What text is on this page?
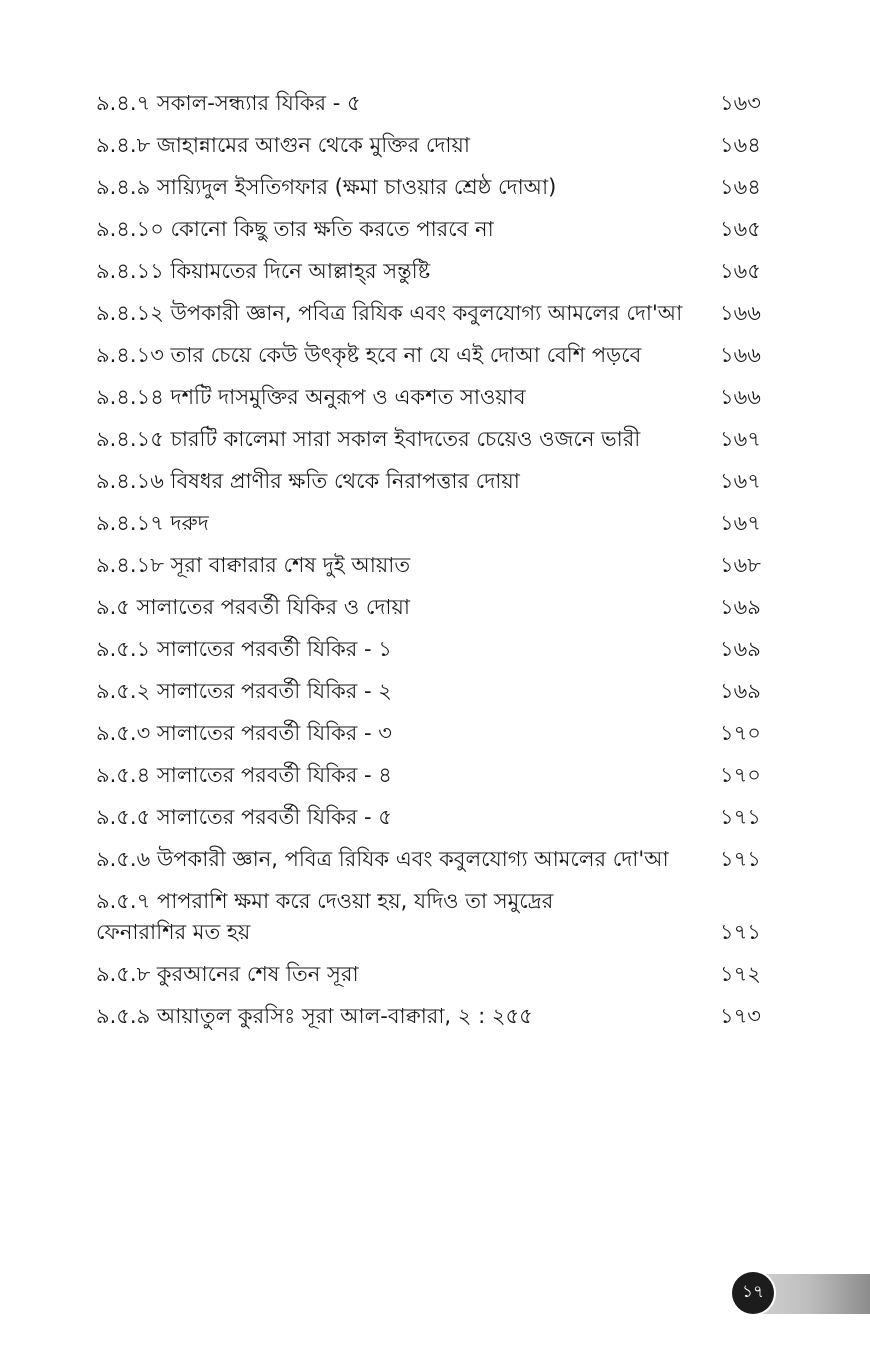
৯.৪.৭ সকাল-সন্ধ্যার যিকির - ৫	১৬৩
৯.৪.৮ জাহান্নামের আগুন থেকে মুক্তির দোয়া	১৬৪
৯.৪.৯ সায়্যিদুল ইসতিগফার (ক্ষমা চাওয়ার শ্রেষ্ঠ দোআ)	১৬৪
৯.৪.১০ কোনো কিছু তার ক্ষতি করতে পারবে না	১৬৫
৯.৪.১১ কিয়ামতের দিনে আল্লাহ্‌র সন্তুষ্টি	১৬৫
৯.৪.১২ উপকারী জ্ঞান, পবিত্র রিযিক এবং কবুলযোগ্য আমলের দো'আ	১৬৬
৯.৪.১৩ তার চেয়ে কেউ উৎকৃষ্ট হবে না যে এই দোআ বেশি পড়বে	১৬৬
৯.৪.১৪ দশটি দাসমুক্তির অনুরূপ ও একশত সাওয়াব	১৬৬
৯.৪.১৫ চারটি কালেমা সারা সকাল ইবাদতের চেয়েও ওজনে ভারী	১৬৭
৯.৪.১৬ বিষধর প্রাণীর ক্ষতি থেকে নিরাপত্তার দোয়া	১৬৭
৯.৪.১৭ দরুদ	১৬৭
৯.৪.১৮ সূরা বাক্বারার শেষ দুই আয়াত	১৬৮
৯.৫ সালাতের পরবর্তী যিকির ও দোয়া	১৬৯
৯.৫.১ সালাতের পরবর্তী যিকির - ১	১৬৯
৯.৫.২ সালাতের পরবর্তী যিকির - ২	১৬৯
৯.৫.৩ সালাতের পরবর্তী যিকির - ৩	১৭০
৯.৫.৪ সালাতের পরবর্তী যিকির - ৪	১৭০
৯.৫.৫ সালাতের পরবর্তী যিকির - ৫	১৭১
৯.৫.৬ উপকারী জ্ঞান, পবিত্র রিযিক এবং কবুলযোগ্য আমলের দো'আ	১৭১
৯.৫.৭ পাপরাশি ক্ষমা করে দেওয়া হয়, যদিও তা সমুদ্রের
ফেনারাশির মত হয়	১৭১
৯.৫.৮ কুরআনের শেষ তিন সূরা	১৭২
৯.৫.৯ আয়াতুল কুরসিঃ সূরা আল-বাক্বারা, ২ : ২৫৫	১৭৩
১৭
